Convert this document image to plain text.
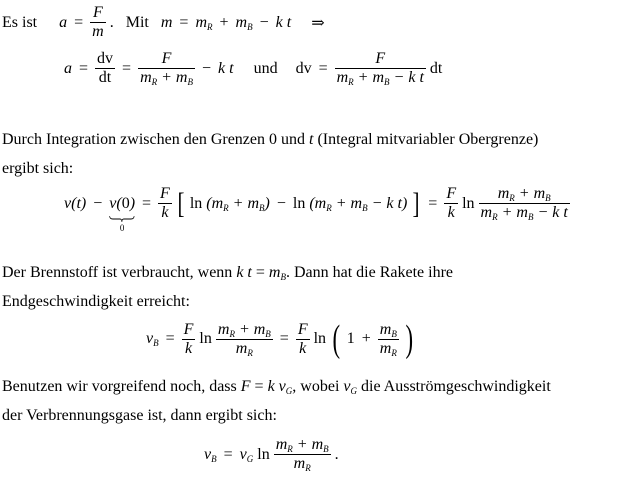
Es ist $a = \frac{F}{m}$ . Mit $m = m_R + m_B - k$ t ⇒
$a = \frac{dv}{dt} = \frac{F}{m_R + m_B} - k$ t und dv = $\frac{F}{m_R + m_B - k t}$ dt
Durch Integration zwischen den Grenzen 0 und t (Integral mitvariabler Obergrenze)
ergibt sich:
v(t) − v(0)
0
= $\frac{F}{k}$ [ $\ln (m_R + m_B) - \ln (m_R + m_B - k$ t) ] = $\frac{F}{k}$ $\ln \frac{m_R + m_B}{m_R + m_B - k t}$
Der Brennstoff ist verbraucht, wenn k $t = m_B$. Dann hat die Rakete ihre
Endgeschwindigkeit erreicht:
$v_B = \frac{F}{k}$ $\ln \frac{m_R + m_B}{m_R} = \frac{F}{k}$ ln ( $1 + \frac{m_B}{m_R}$ )
Benutzen wir vorgreifend noch, dass F = k $v_G$, wobei $v_G$ die Ausströmgeschwindigkeit
der Verbrennungsgase ist, dann ergibt sich:
$v_B = v_G$ $\ln \frac{m_R + m_B}{m_R}$ .
